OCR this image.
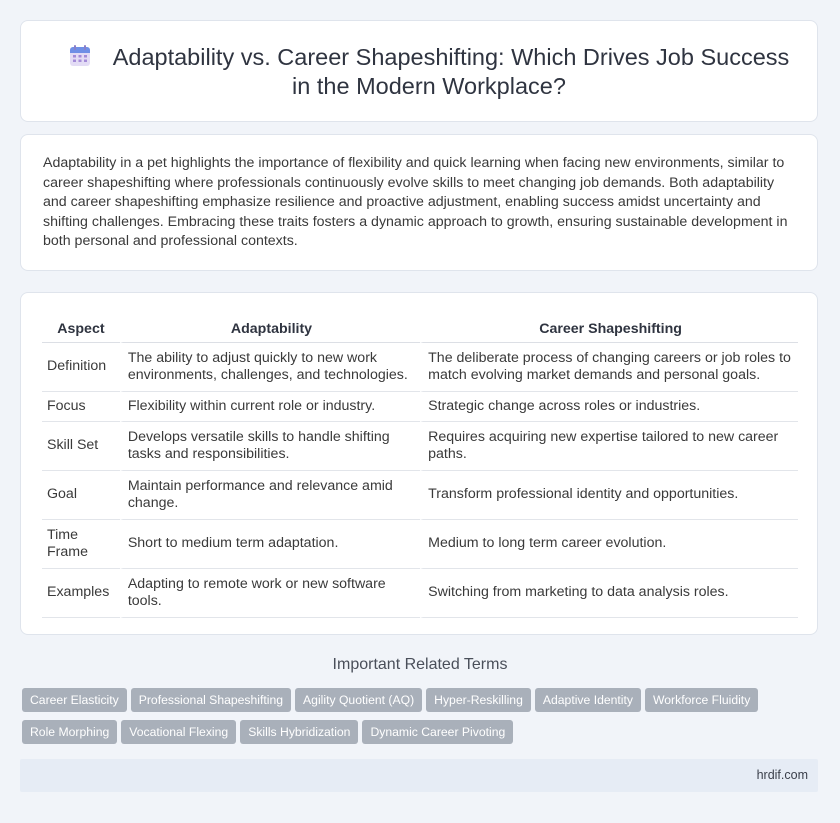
Adaptability vs. Career Shapeshifting: Which Drives Job Success in the Modern Workplace?
Adaptability in a pet highlights the importance of flexibility and quick learning when facing new environments, similar to career shapeshifting where professionals continuously evolve skills to meet changing job demands. Both adaptability and career shapeshifting emphasize resilience and proactive adjustment, enabling success amidst uncertainty and shifting challenges. Embracing these traits fosters a dynamic approach to growth, ensuring sustainable development in both personal and professional contexts.
Aspect	Adaptability	Career Shapeshifting
Definition	The ability to adjust quickly to new work environments, challenges, and technologies.	The deliberate process of changing careers or job roles to match evolving market demands and personal goals.
Focus	Flexibility within current role or industry.	Strategic change across roles or industries.
Skill Set	Develops versatile skills to handle shifting tasks and responsibilities.	Requires acquiring new expertise tailored to new career paths.
Goal	Maintain performance and relevance amid change.	Transform professional identity and opportunities.
Time Frame	Short to medium term adaptation.	Medium to long term career evolution.
Examples	Adapting to remote work or new software tools.	Switching from marketing to data analysis roles.
Important Related Terms
Career Elasticity Professional Shapeshifting Agility Quotient (AQ) Hyper-Reskilling Adaptive Identity Workforce Fluidity
Role Morphing Vocational Flexing Skills Hybridization Dynamic Career Pivoting
hrdif.com
